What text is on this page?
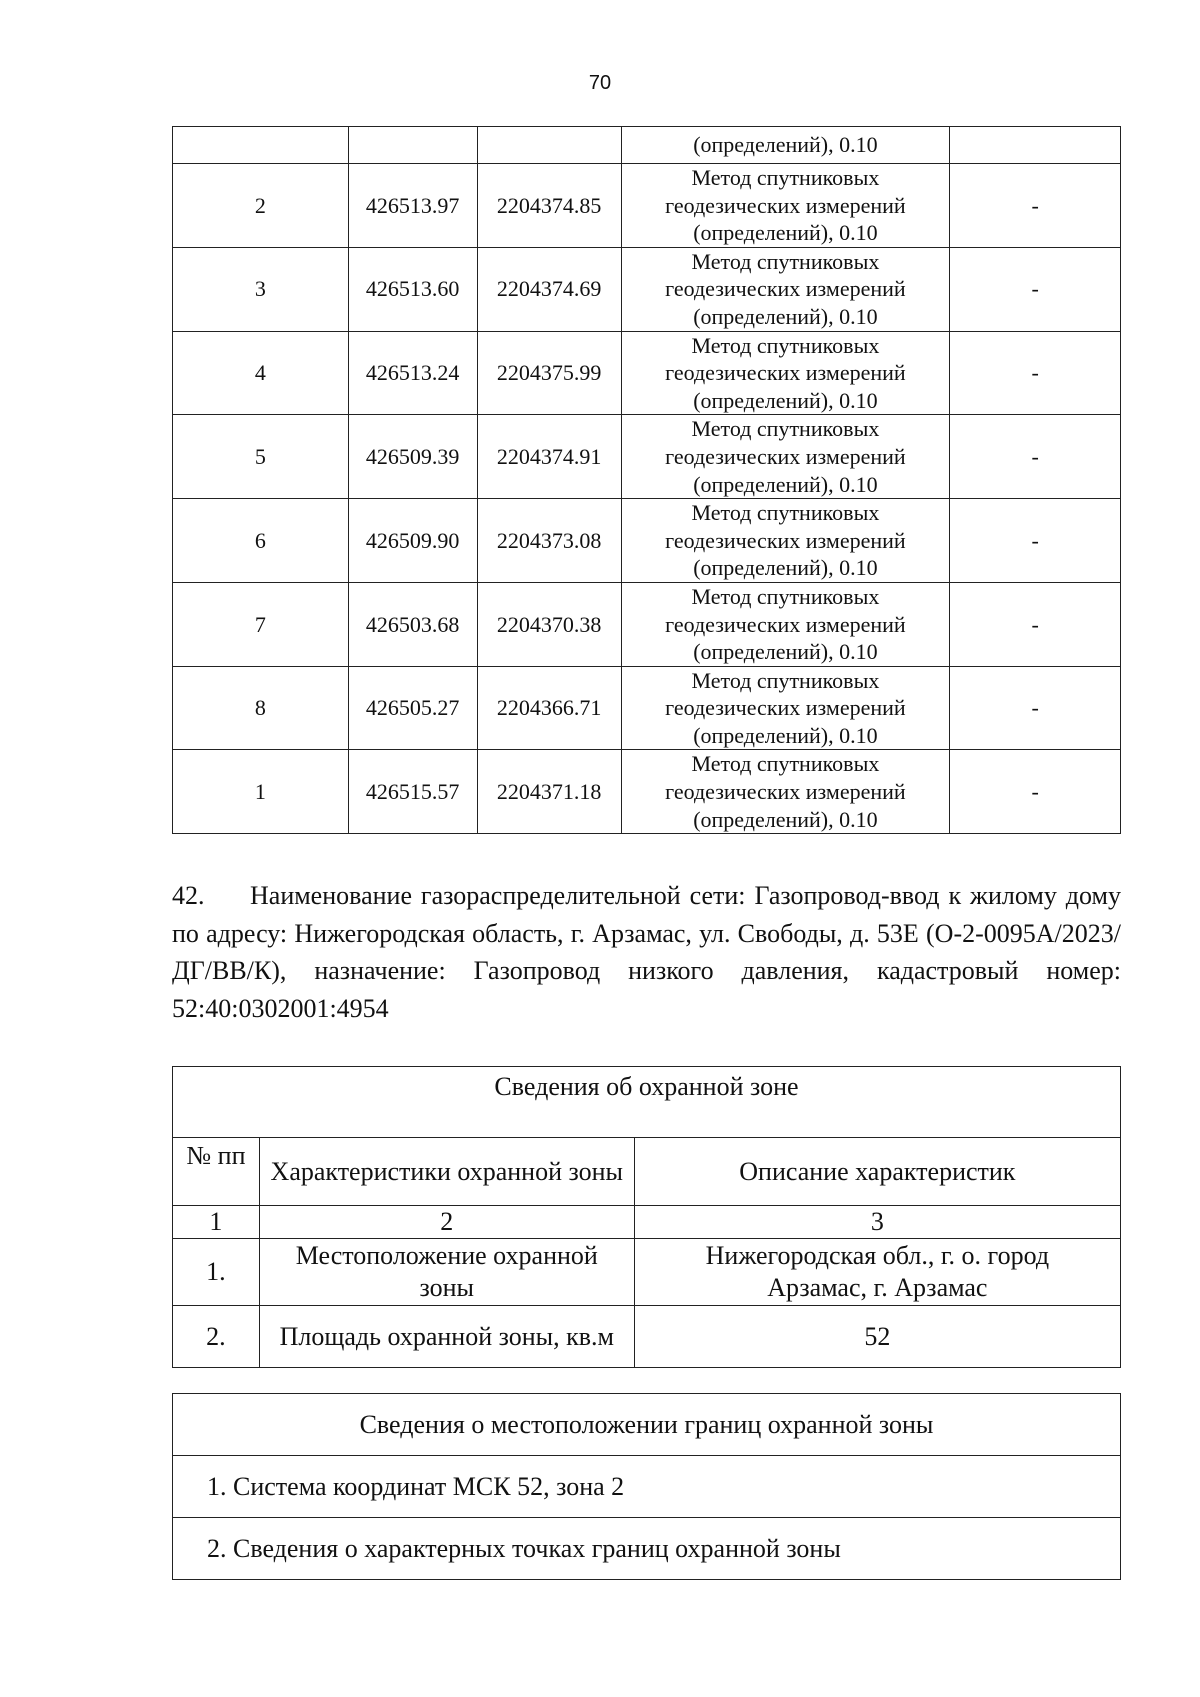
70
			(определений), 0.10	
2	426513.97	2204374.85	Метод спутниковых
геодезических измерений
(определений), 0.10	-
3	426513.60	2204374.69	Метод спутниковых
геодезических измерений
(определений), 0.10	-
4	426513.24	2204375.99	Метод спутниковых
геодезических измерений
(определений), 0.10	-
5	426509.39	2204374.91	Метод спутниковых
геодезических измерений
(определений), 0.10	-
6	426509.90	2204373.08	Метод спутниковых
геодезических измерений
(определений), 0.10	-
7	426503.68	2204370.38	Метод спутниковых
геодезических измерений
(определений), 0.10	-
8	426505.27	2204366.71	Метод спутниковых
геодезических измерений
(определений), 0.10	-
1	426515.57	2204371.18	Метод спутниковых
геодезических измерений
(определений), 0.10	-
42. Наименование газораспределительной сети: Газопровод-ввод к жилому дому по адресу: Нижегородская область, г. Арзамас, ул. Свободы, д. 53Е (О-2-0095А/2023/ДГ/ВВ/К), назначение: Газопровод низкого давления, кадастровый номер: 52:40:0302001:4954
Сведения об охранной зоне		
№ пп	Характеристики охранной зоны	Описание характеристик
1	2	3
1.	Местоположение охранной зоны	Нижегородская обл., г. о. город Арзамас, г. Арзамас
2.	Площадь охранной зоны, кв.м	52
Сведения о местоположении границ охранной зоны
1. Система координат МСК 52, зона 2
2. Сведения о характерных точках границ охранной зоны
